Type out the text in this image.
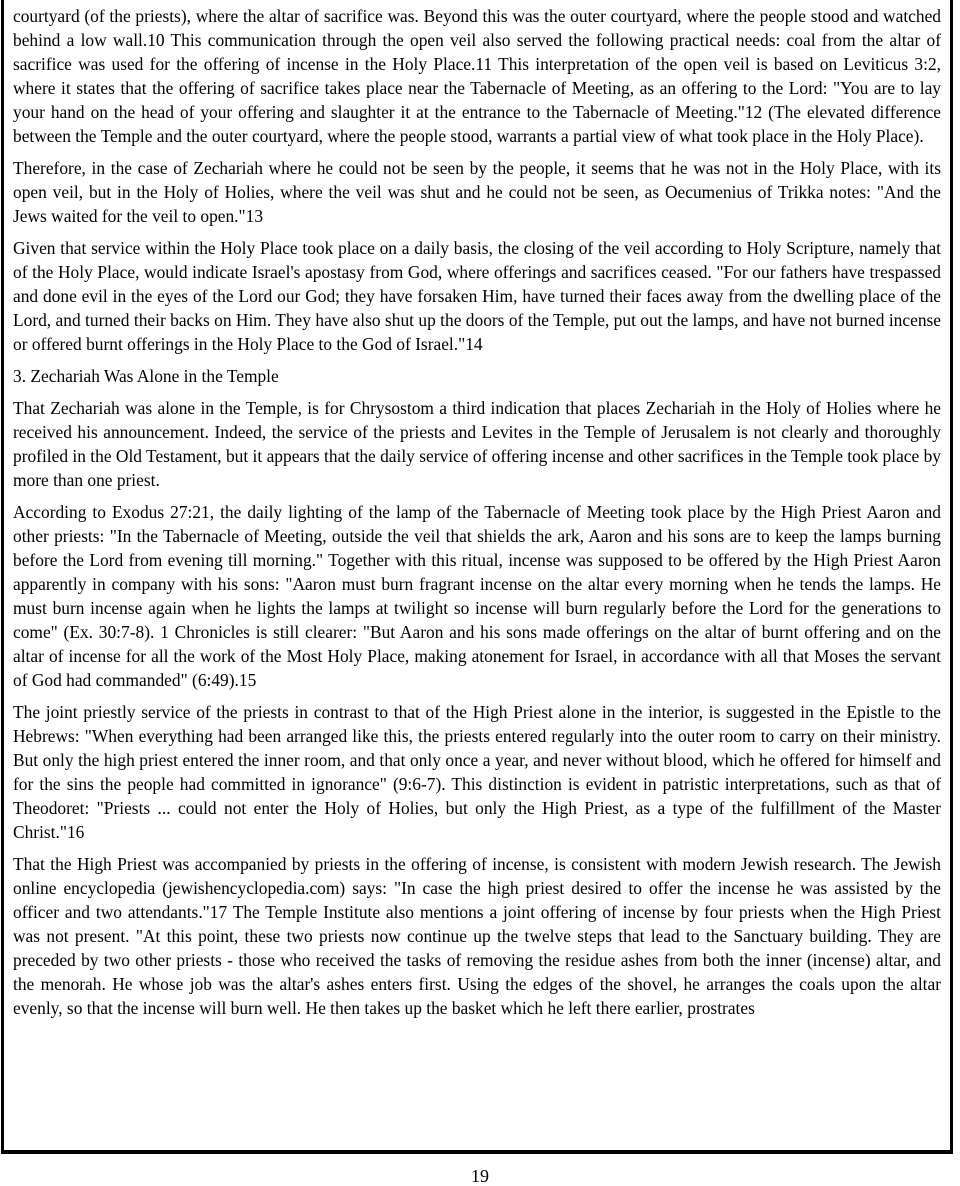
courtyard (of the priests), where the altar of sacrifice was. Beyond this was the outer courtyard, where the people stood and watched behind a low wall.10 This communication through the open veil also served the following practical needs: coal from the altar of sacrifice was used for the offering of incense in the Holy Place.11 This interpretation of the open veil is based on Leviticus 3:2, where it states that the offering of sacrifice takes place near the Tabernacle of Meeting, as an offering to the Lord: "You are to lay your hand on the head of your offering and slaughter it at the entrance to the Tabernacle of Meeting."12 (The elevated difference between the Temple and the outer courtyard, where the people stood, warrants a partial view of what took place in the Holy Place).

Therefore, in the case of Zechariah where he could not be seen by the people, it seems that he was not in the Holy Place, with its open veil, but in the Holy of Holies, where the veil was shut and he could not be seen, as Oecumenius of Trikka notes: "And the Jews waited for the veil to open."13

Given that service within the Holy Place took place on a daily basis, the closing of the veil according to Holy Scripture, namely that of the Holy Place, would indicate Israel's apostasy from God, where offerings and sacrifices ceased. "For our fathers have trespassed and done evil in the eyes of the Lord our God; they have forsaken Him, have turned their faces away from the dwelling place of the Lord, and turned their backs on Him. They have also shut up the doors of the Temple, put out the lamps, and have not burned incense or offered burnt offerings in the Holy Place to the God of Israel."14

3. Zechariah Was Alone in the Temple

That Zechariah was alone in the Temple, is for Chrysostom a third indication that places Zechariah in the Holy of Holies where he received his announcement. Indeed, the service of the priests and Levites in the Temple of Jerusalem is not clearly and thoroughly profiled in the Old Testament, but it appears that the daily service of offering incense and other sacrifices in the Temple took place by more than one priest.

According to Exodus 27:21, the daily lighting of the lamp of the Tabernacle of Meeting took place by the High Priest Aaron and other priests: "In the Tabernacle of Meeting, outside the veil that shields the ark, Aaron and his sons are to keep the lamps burning before the Lord from evening till morning." Together with this ritual, incense was supposed to be offered by the High Priest Aaron apparently in company with his sons: "Aaron must burn fragrant incense on the altar every morning when he tends the lamps. He must burn incense again when he lights the lamps at twilight so incense will burn regularly before the Lord for the generations to come" (Ex. 30:7-8). 1 Chronicles is still clearer: "But Aaron and his sons made offerings on the altar of burnt offering and on the altar of incense for all the work of the Most Holy Place, making atonement for Israel, in accordance with all that Moses the servant of God had commanded" (6:49).15

The joint priestly service of the priests in contrast to that of the High Priest alone in the interior, is suggested in the Epistle to the Hebrews: "When everything had been arranged like this, the priests entered regularly into the outer room to carry on their ministry. But only the high priest entered the inner room, and that only once a year, and never without blood, which he offered for himself and for the sins the people had committed in ignorance" (9:6-7). This distinction is evident in patristic interpretations, such as that of Theodoret: "Priests ... could not enter the Holy of Holies, but only the High Priest, as a type of the fulfillment of the Master Christ."16

That the High Priest was accompanied by priests in the offering of incense, is consistent with modern Jewish research. The Jewish online encyclopedia (jewishencyclopedia.com) says: "In case the high priest desired to offer the incense he was assisted by the officer and two attendants."17 The Temple Institute also mentions a joint offering of incense by four priests when the High Priest was not present. "At this point, these two priests now continue up the twelve steps that lead to the Sanctuary building. They are preceded by two other priests - those who received the tasks of removing the residue ashes from both the inner (incense) altar, and the menorah. He whose job was the altar's ashes enters first. Using the edges of the shovel, he arranges the coals upon the altar evenly, so that the incense will burn well. He then takes up the basket which he left there earlier, prostrates

19
